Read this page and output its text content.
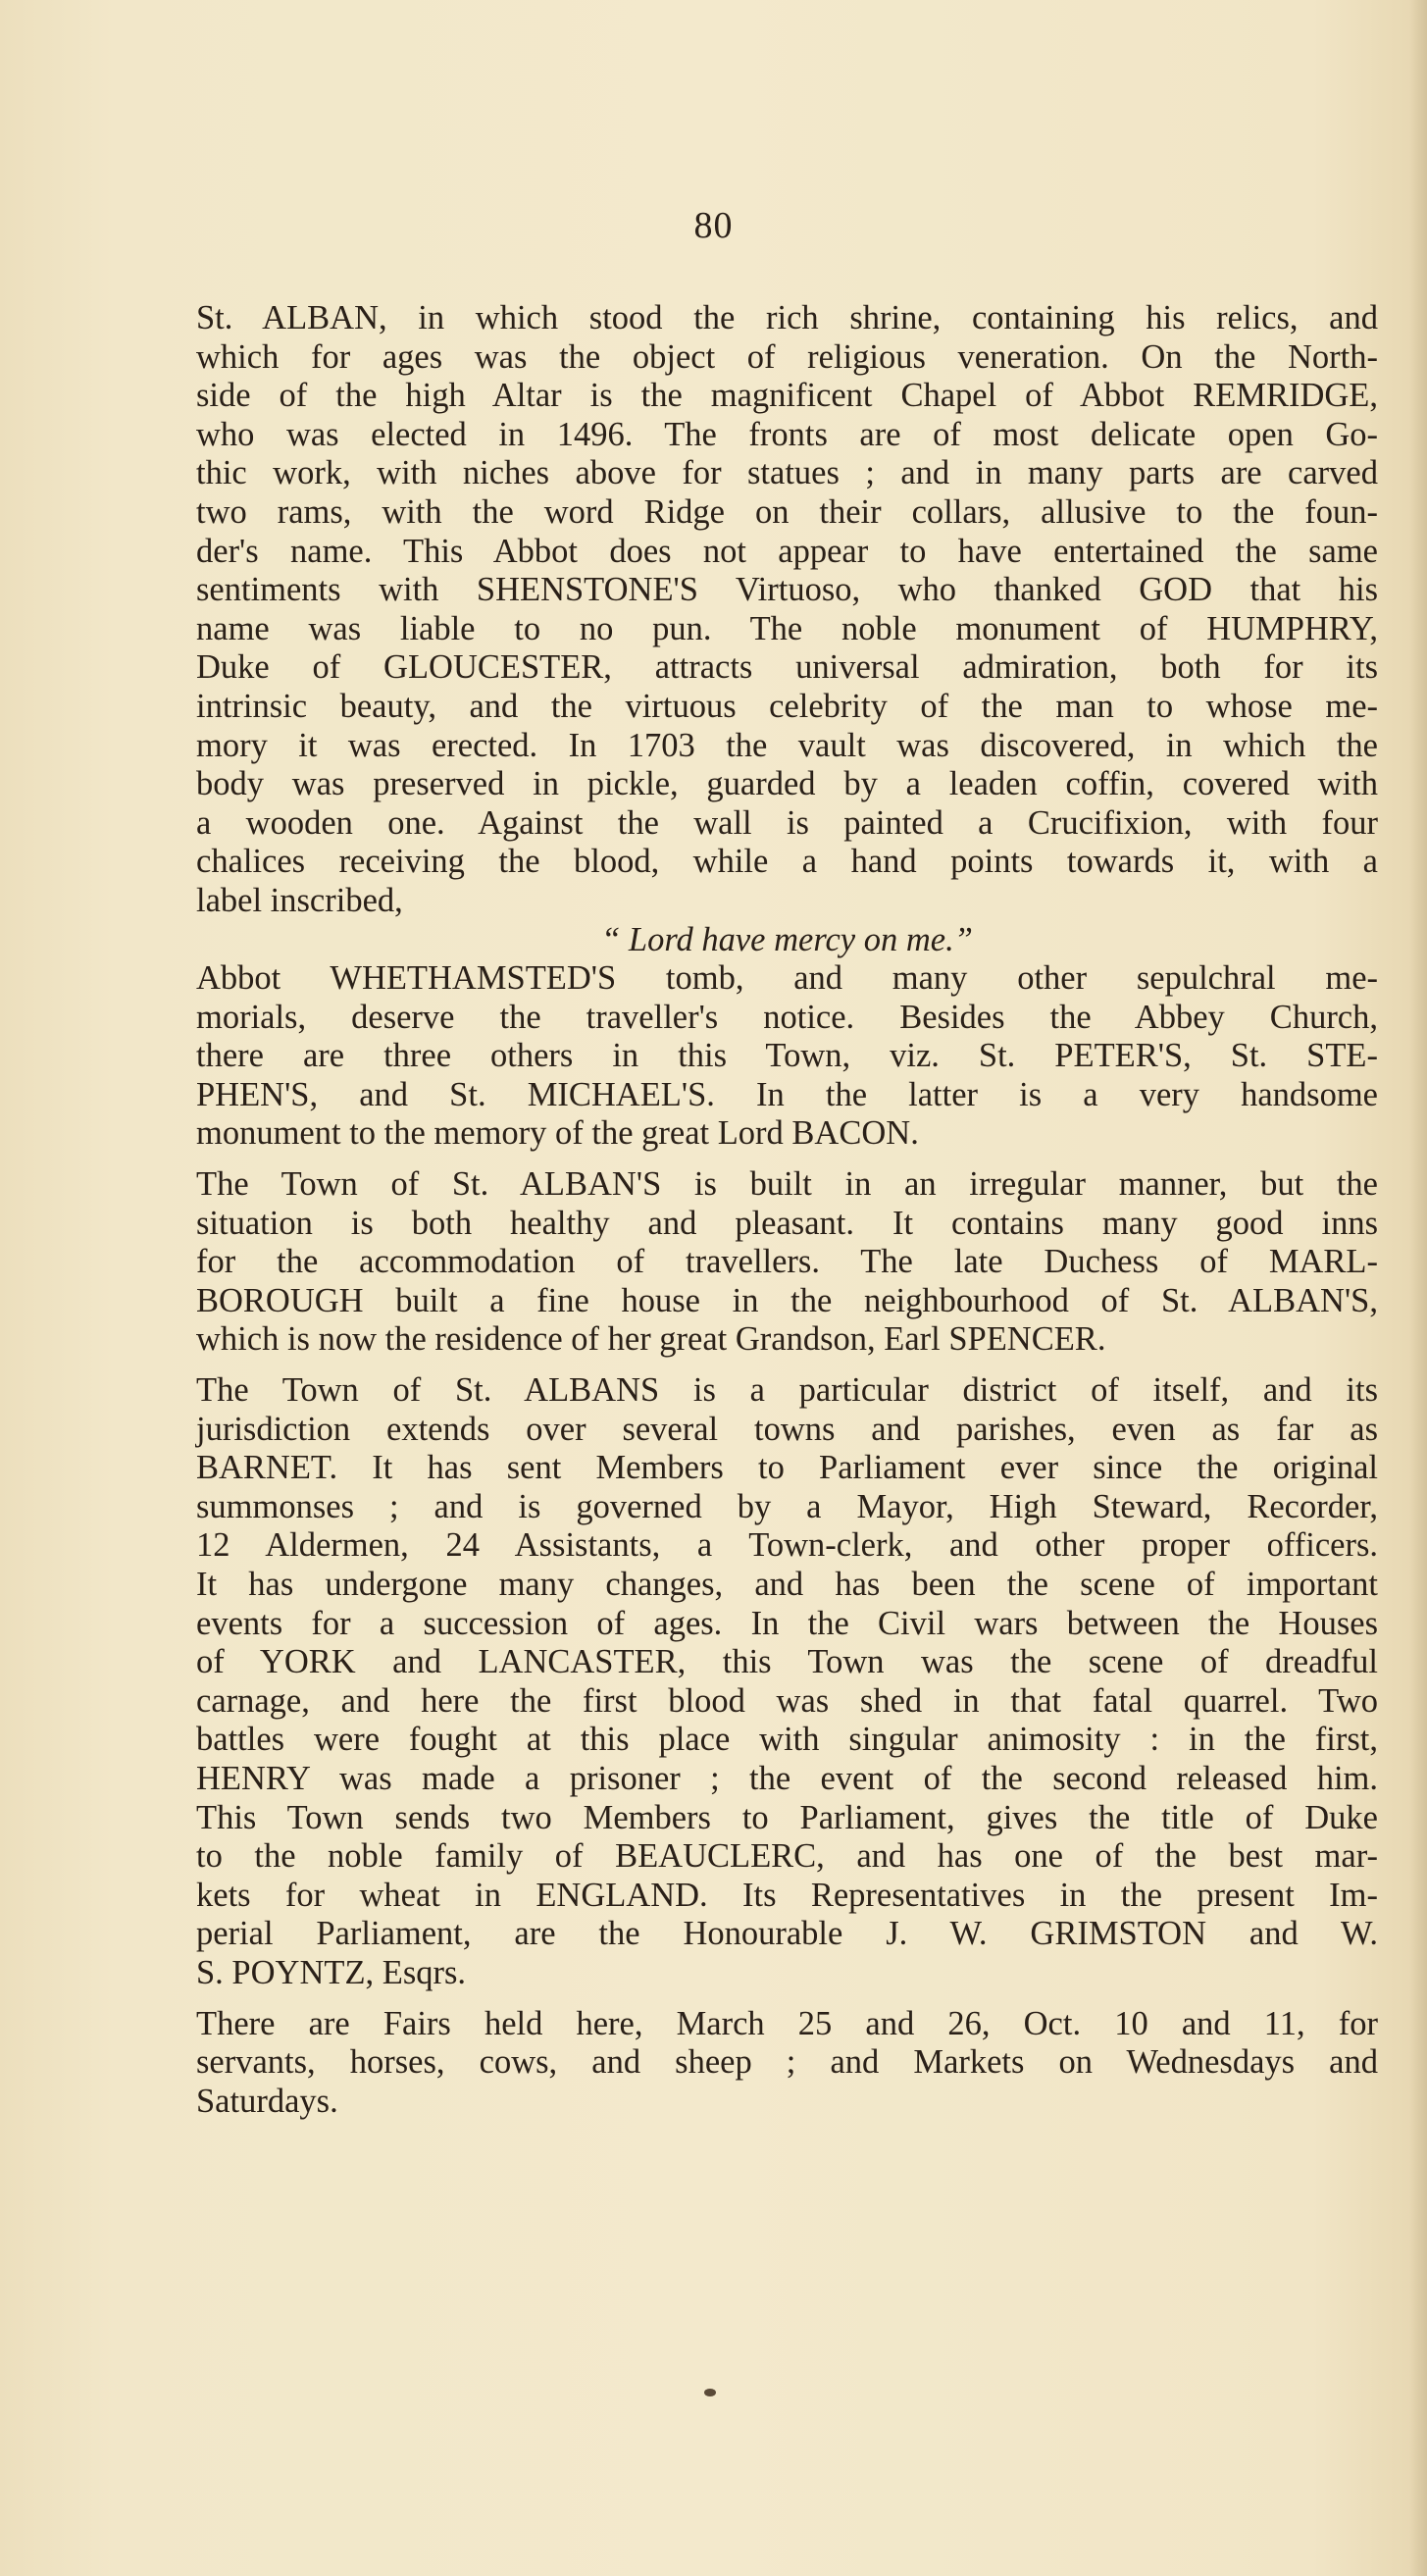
80

St. ALBAN, in which stood the rich shrine, containing his relics, and
which for ages was the object of religious veneration. On the North-
side of the high Altar is the magnificent Chapel of Abbot REMRIDGE,
who was elected in 1496. The fronts are of most delicate open Go-
thic work, with niches above for statues ; and in many parts are carved
two rams, with the word Ridge on their collars, allusive to the foun-
der's name. This Abbot does not appear to have entertained the same
sentiments with SHENSTONE'S Virtuoso, who thanked GOD that his
name was liable to no pun. The noble monument of HUMPHRY,
Duke of GLOUCESTER, attracts universal admiration, both for its
intrinsic beauty, and the virtuous celebrity of the man to whose me-
mory it was erected. In 1703 the vault was discovered, in which the
body was preserved in pickle, guarded by a leaden coffin, covered with
a wooden one. Against the wall is painted a Crucifixion, with four
chalices receiving the blood, while a hand points towards it, with a
label inscribed,

“ Lord have mercy on me.”

Abbot WHETHAMSTED'S tomb, and many other sepulchral me-
morials, deserve the traveller's notice. Besides the Abbey Church,
there are three others in this Town, viz. St. PETER'S, St. STE-
PHEN'S, and St. MICHAEL'S. In the latter is a very handsome
monument to the memory of the great Lord BACON.

The Town of St. ALBAN'S is built in an irregular manner, but the
situation is both healthy and pleasant. It contains many good inns
for the accommodation of travellers. The late Duchess of MARL-
BOROUGH built a fine house in the neighbourhood of St. ALBAN'S,
which is now the residence of her great Grandson, Earl SPENCER.

The Town of St. ALBANS is a particular district of itself, and its
jurisdiction extends over several towns and parishes, even as far as
BARNET. It has sent Members to Parliament ever since the original
summonses ; and is governed by a Mayor, High Steward, Recorder,
12 Aldermen, 24 Assistants, a Town-clerk, and other proper officers.
It has undergone many changes, and has been the scene of important
events for a succession of ages. In the Civil wars between the Houses
of YORK and LANCASTER, this Town was the scene of dreadful
carnage, and here the first blood was shed in that fatal quarrel. Two
battles were fought at this place with singular animosity : in the first,
HENRY was made a prisoner ; the event of the second released him.
This Town sends two Members to Parliament, gives the title of Duke
to the noble family of BEAUCLERC, and has one of the best mar-
kets for wheat in ENGLAND. Its Representatives in the present Im-
perial Parliament, are the Honourable J. W. GRIMSTON and W.
S. POYNTZ, Esqrs.

There are Fairs held here, March 25 and 26, Oct. 10 and 11, for
servants, horses, cows, and sheep ; and Markets on Wednesdays and
Saturdays.
